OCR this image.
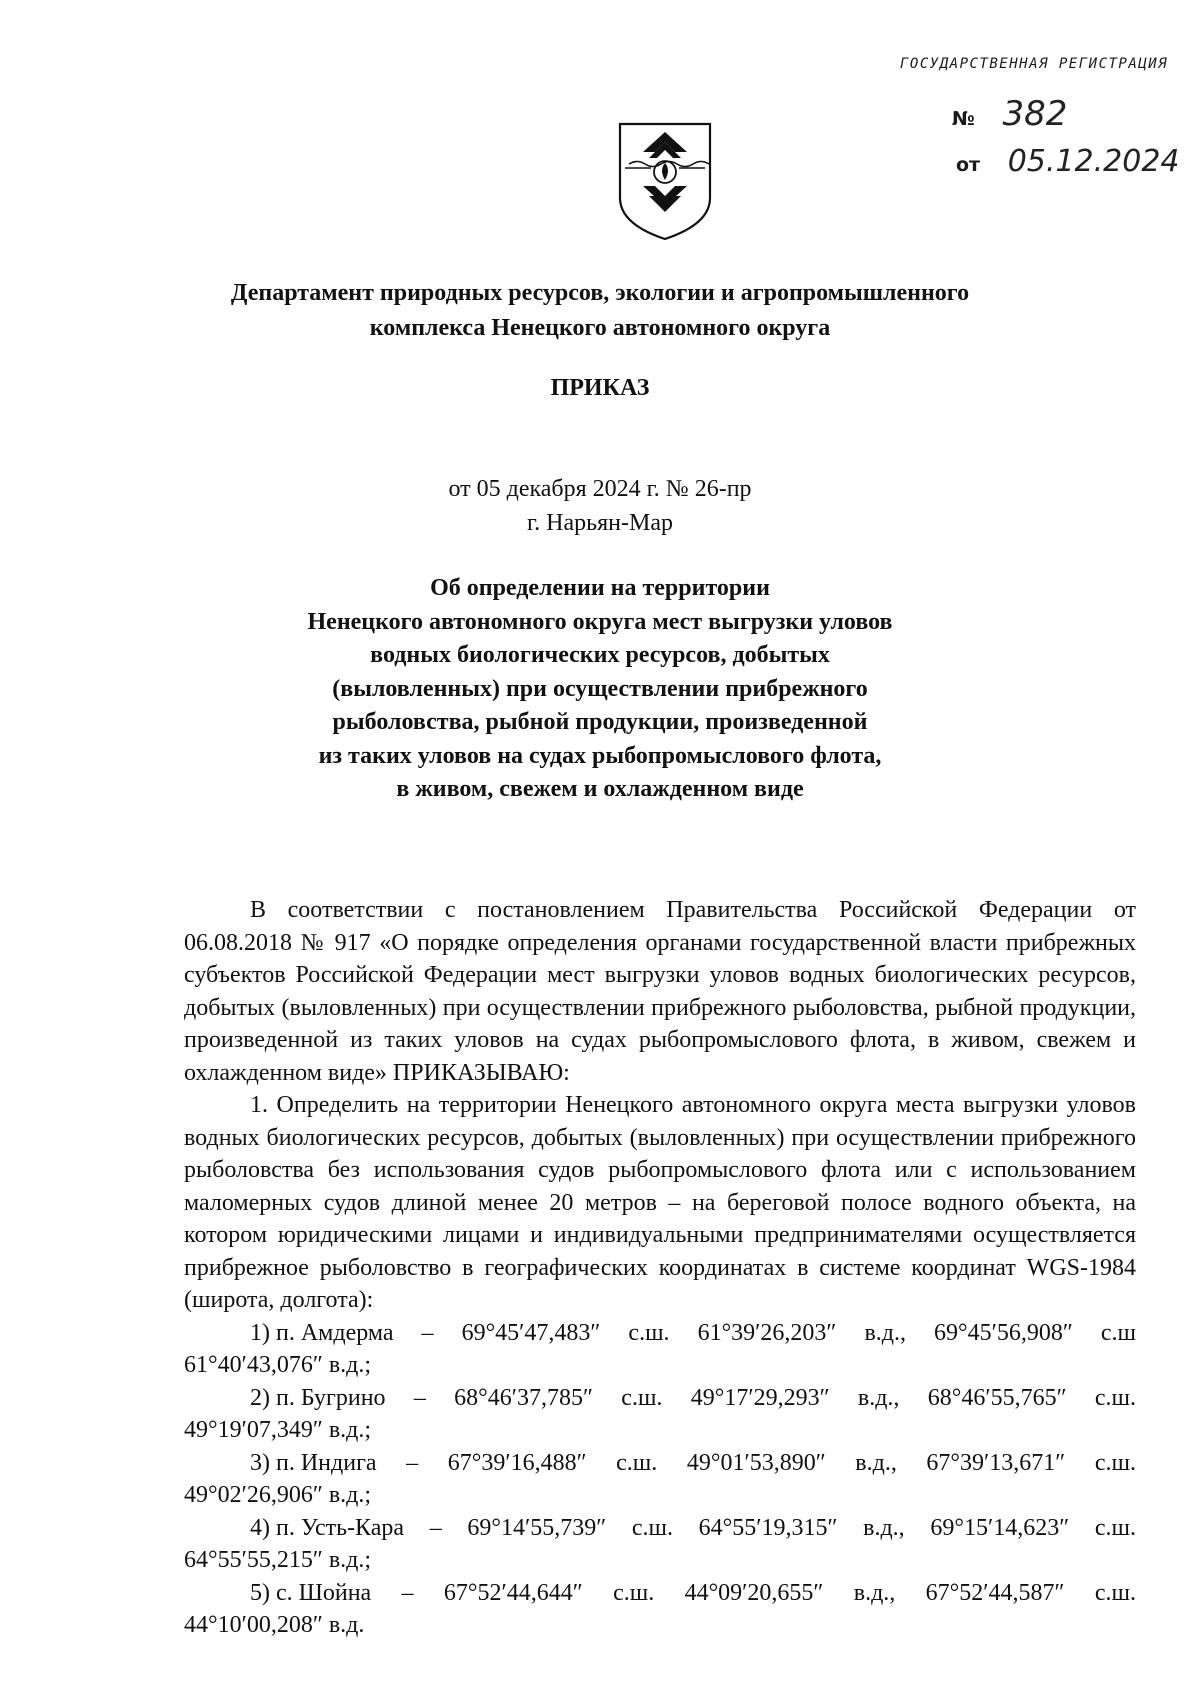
ГОСУДАРСТВЕННАЯ РЕГИСТРАЦИЯ
№ 382
от 05.12.2024
Департамент природных ресурсов, экологии и агропромышленного
комплекса Ненецкого автономного округа
ПРИКАЗ
от 05 декабря 2024 г. № 26-пр
г. Нарьян-Мар
Об определении на территории
Ненецкого автономного округа мест выгрузки уловов
водных биологических ресурсов, добытых
(выловленных) при осуществлении прибрежного
рыболовства, рыбной продукции, произведенной
из таких уловов на судах рыбопромыслового флота,
в живом, свежем и охлажденном виде

В соответствии с постановлением Правительства Российской Федерации от 06.08.2018 № 917 «О порядке определения органами государственной власти прибрежных субъектов Российской Федерации мест выгрузки уловов водных биологических ресурсов, добытых (выловленных) при осуществлении прибрежного рыболовства, рыбной продукции, произведенной из таких уловов на судах рыбопромыслового флота, в живом, свежем и охлажденном виде» ПРИКАЗЫВАЮ:

1. Определить на территории Ненецкого автономного округа места выгрузки уловов водных биологических ресурсов, добытых (выловленных) при осуществлении прибрежного рыболовства без использования судов рыбопромыслового флота или с использованием маломерных судов длиной менее 20 метров – на береговой полосе водного объекта, на котором юридическими лицами и индивидуальными предпринимателями осуществляется прибрежное рыболовство в географических координатах в системе координат WGS-1984 (широта, долгота):

1) п. Амдерма – 69°45′47,483″ с.ш. 61°39′26,203″ в.д., 69°45′56,908″ с.ш
61°40′43,076″ в.д.;
2) п. Бугрино – 68°46′37,785″ с.ш. 49°17′29,293″ в.д., 68°46′55,765″ с.ш.
49°19′07,349″ в.д.;
3) п. Индига – 67°39′16,488″ с.ш. 49°01′53,890″ в.д., 67°39′13,671″ с.ш.
49°02′26,906″ в.д.;
4) п. Усть-Кара – 69°14′55,739″ с.ш. 64°55′19,315″ в.д., 69°15′14,623″ с.ш.
64°55′55,215″ в.д.;
5) с. Шойна – 67°52′44,644″ с.ш. 44°09′20,655″ в.д., 67°52′44,587″ с.ш.
44°10′00,208″ в.д.
